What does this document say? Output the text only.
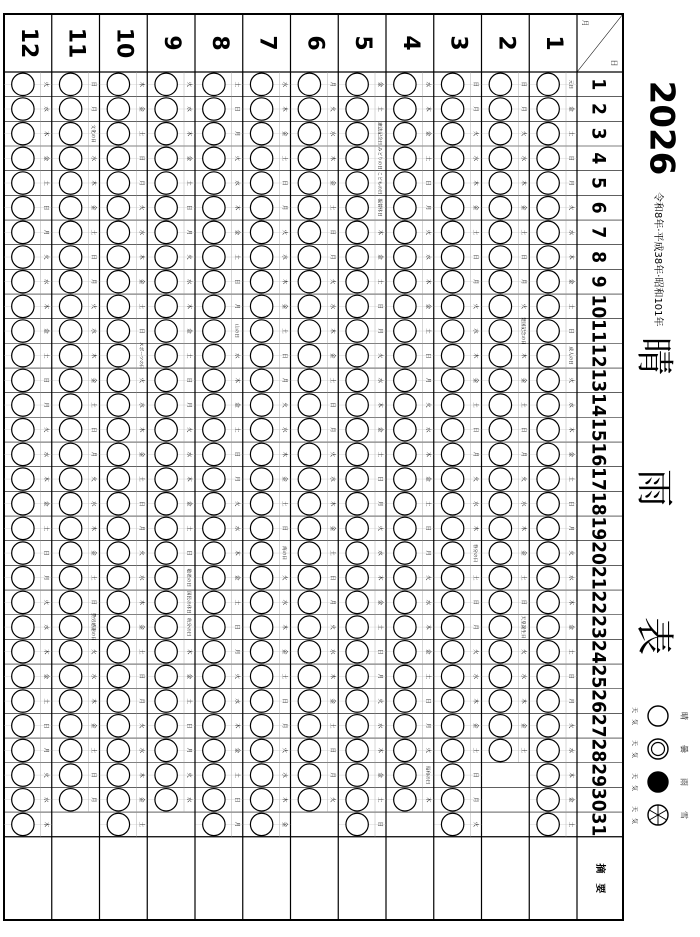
2026
令和8年·平成38年·昭和101年
晴
雨
表
晴
天
気
曇
天
気
雨
天
気
雪
天
気
日
月
摘　要
1
2
3
4
5
6
7
8
9
10
11
12
13
14
15
16
17
18
19
20
21
22
23
24
25
26
27
28
29
30
31
1
元日
金
土
日
月
火
水
木
金
土
日
成人の日
火
水
木
金
土
日
月
火
水
木
金
土
日
月
火
水
木
金
土
2
日
月
火
水
木
金
土
日
月
火
建国記念の日
木
金
土
日
月
火
水
木
金
土
日
天皇誕生日
火
水
木
金
土
3
日
月
火
水
木
金
土
日
月
火
水
木
金
土
日
月
火
水
木
春分の日
土
日
月
火
水
木
金
土
日
月
火
4
水
木
金
土
日
月
火
水
木
金
土
日
月
火
水
木
金
土
日
月
火
水
木
金
土
日
月
火
昭和の日
木
5
金
土
憲法記念日
みどりの日
こどもの日
振替休日
木
金
土
日
月
火
水
木
金
土
日
月
火
水
木
金
土
日
月
火
水
木
金
土
日
6
月
火
水
木
金
土
日
月
火
水
木
金
土
日
月
火
水
木
金
土
日
月
火
水
木
金
土
日
月
火
7
水
木
金
土
日
月
火
水
木
金
土
日
月
火
水
木
金
土
日
海の日
火
水
木
金
土
日
月
火
水
木
金
8
土
日
月
火
水
木
金
土
日
月
山の日
水
木
金
土
日
月
火
水
木
金
土
日
月
火
水
木
金
土
日
月
9
火
水
木
金
土
日
月
火
水
木
金
土
日
月
火
水
木
金
土
日
敬老の日
国民の休日
秋分の日
木
金
土
日
月
火
水
10
木
金
土
日
月
火
水
木
金
土
日
スポーツの日
火
水
木
金
土
日
月
火
水
木
金
土
日
月
火
水
木
金
土
11
日
月
文化の日
水
木
金
土
日
月
火
水
木
金
土
日
月
火
水
木
金
土
日
勤労感謝の日
火
水
木
金
土
日
月
12
火
水
木
金
土
日
月
火
水
木
金
土
日
月
火
水
木
金
土
日
月
火
水
木
金
土
日
月
火
水
木
